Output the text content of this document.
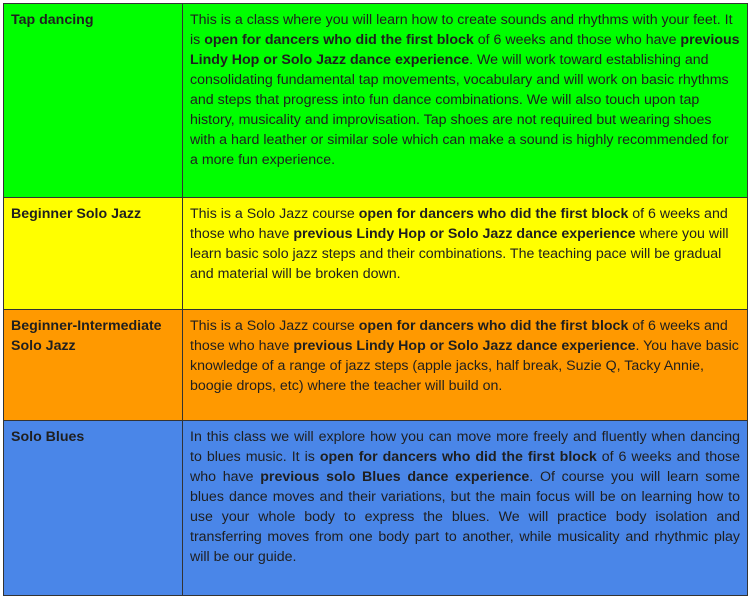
Tap dancing	This is a class where you will learn how to create sounds and rhythms with your feet. It is open for dancers who did the first block of 6 weeks and those who have previous Lindy Hop or Solo Jazz dance experience. We will work toward establishing and consolidating fundamental tap movements, vocabulary and will work on basic rhythms and steps that progress into fun dance combinations. We will also touch upon tap history, musicality and improvisation. Tap shoes are not required but wearing shoes with a hard leather or similar sole which can make a sound is highly recommended for a more fun experience.
Beginner Solo Jazz	This is a Solo Jazz course open for dancers who did the first block of 6 weeks and those who have previous Lindy Hop or Solo Jazz dance experience where you will learn basic solo jazz steps and their combinations. The teaching pace will be gradual and material will be broken down.
Beginner-Intermediate Solo Jazz	This is a Solo Jazz course open for dancers who did the first block of 6 weeks and those who have previous Lindy Hop or Solo Jazz dance experience. You have basic knowledge of a range of jazz steps (apple jacks, half break, Suzie Q, Tacky Annie, boogie drops, etc) where the teacher will build on.
Solo Blues	In this class we will explore how you can move more freely and fluently when dancing to blues music. It is open for dancers who did the first block of 6 weeks and those who have previous solo Blues dance experience. Of course you will learn some blues dance moves and their variations, but the main focus will be on learning how to use your whole body to express the blues. We will practice body isolation and transferring moves from one body part to another, while musicality and rhythmic play will be our guide.
